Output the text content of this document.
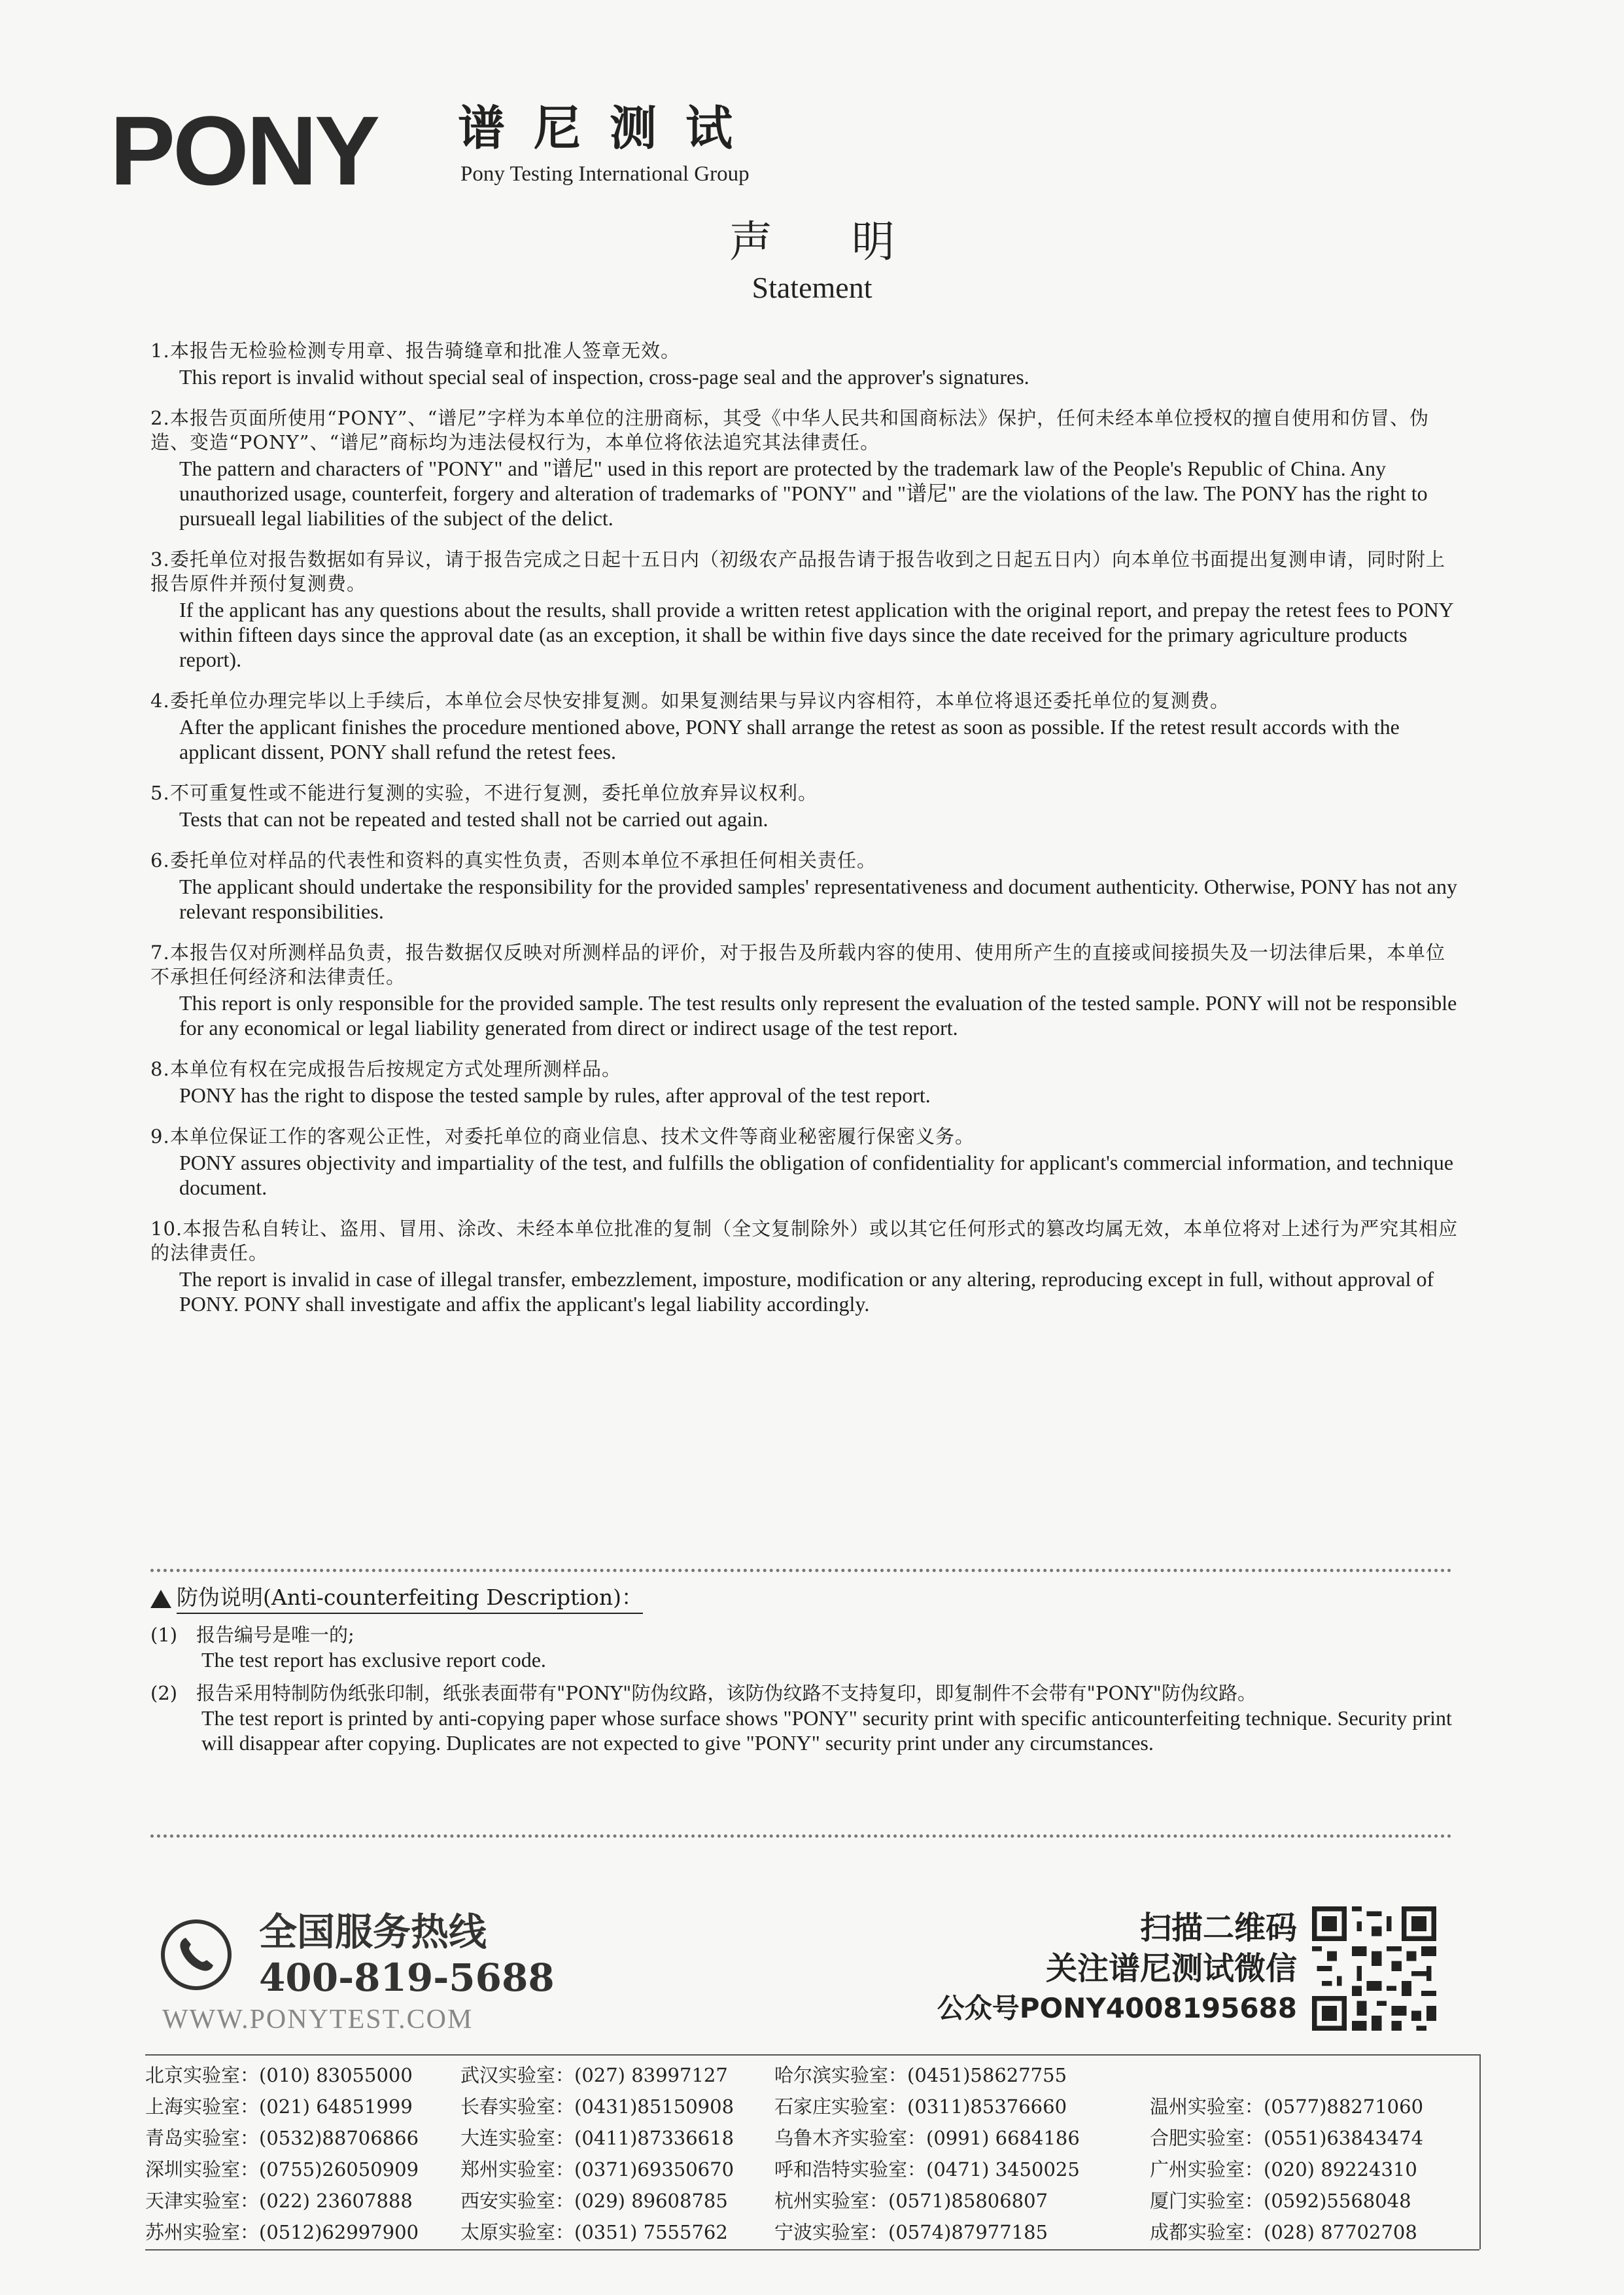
PONY 谱尼测试
Pony Testing International Group
声 明
Statement
1.本报告无检验检测专用章、报告骑缝章和批准人签章无效。
This report is invalid without special seal of inspection, cross-page seal and the approver's signatures.
2.本报告页面所使用“PONY”、“谱尼”字样为本单位的注册商标，其受《中华人民共和国商标法》保护，任何未经本单位授权的擅自使用和仿冒、伪造、变造“PONY”、“谱尼”商标均为违法侵权行为，本单位将依法追究其法律责任。
The pattern and characters of "PONY" and "谱尼" used in this report are protected by the trademark law of the People's Republic of China. Any unauthorized usage, counterfeit, forgery and alteration of trademarks of "PONY" and "谱尼" are the violations of the law. The PONY has the right to pursueall legal liabilities of the subject of the delict.
3.委托单位对报告数据如有异议，请于报告完成之日起十五日内（初级农产品报告请于报告收到之日起五日内）向本单位书面提出复测申请，同时附上报告原件并预付复测费。
If the applicant has any questions about the results, shall provide a written retest application with the original report, and prepay the retest fees to PONY within fifteen days since the approval date (as an exception, it shall be within five days since the date received for the primary agriculture products report).
4.委托单位办理完毕以上手续后，本单位会尽快安排复测。如果复测结果与异议内容相符，本单位将退还委托单位的复测费。
After the applicant finishes the procedure mentioned above, PONY shall arrange the retest as soon as possible. If the retest result accords with the applicant dissent, PONY shall refund the retest fees.
5.不可重复性或不能进行复测的实验，不进行复测，委托单位放弃异议权利。
Tests that can not be repeated and tested shall not be carried out again.
6.委托单位对样品的代表性和资料的真实性负责，否则本单位不承担任何相关责任。
The applicant should undertake the responsibility for the provided samples' representativeness and document authenticity. Otherwise, PONY has not any relevant responsibilities.
7.本报告仅对所测样品负责，报告数据仅反映对所测样品的评价，对于报告及所载内容的使用、使用所产生的直接或间接损失及一切法律后果，本单位不承担任何经济和法律责任。
This report is only responsible for the provided sample. The test results only represent the evaluation of the tested sample. PONY will not be responsible for any economical or legal liability generated from direct or indirect usage of the test report.
8.本单位有权在完成报告后按规定方式处理所测样品。
PONY has the right to dispose the tested sample by rules, after approval of the test report.
9.本单位保证工作的客观公正性，对委托单位的商业信息、技术文件等商业秘密履行保密义务。
PONY assures objectivity and impartiality of the test, and fulfills the obligation of confidentiality for applicant's commercial information, and technique document.
10.本报告私自转让、盗用、冒用、涂改、未经本单位批准的复制（全文复制除外）或以其它任何形式的篡改均属无效，本单位将对上述行为严究其相应的法律责任。
The report is invalid in case of illegal transfer, embezzlement, imposture, modification or any altering, reproducing except in full, without approval of PONY. PONY shall investigate and affix the applicant's legal liability accordingly.
防伪说明(Anti-counterfeiting Description)：
(1) 报告编号是唯一的;
The test report has exclusive report code.
(2) 报告采用特制防伪纸张印制，纸张表面带有"PONY"防伪纹路，该防伪纹路不支持复印，即复制件不会带有"PONY"防伪纹路。
The test report is printed by anti-copying paper whose surface shows "PONY" security print with specific anticounterfeiting technique. Security print will disappear after copying. Duplicates are not expected to give "PONY" security print under any circumstances.
全国服务热线
400-819-5688
WWW.PONYTEST.COM
扫描二维码
关注谱尼测试微信
公众号PONY4008195688
北京实验室：(010) 83055000
上海实验室：(021) 64851999
青岛实验室：(0532)88706866
深圳实验室：(0755)26050909
天津实验室：(022) 23607888
苏州实验室：(0512)62997900
武汉实验室：(027) 83997127
长春实验室：(0431)85150908
大连实验室：(0411)87336618
郑州实验室：(0371)69350670
西安实验室：(029) 89608785
太原实验室：(0351) 7555762
哈尔滨实验室：(0451)58627755
石家庄实验室：(0311)85376660
乌鲁木齐实验室：(0991) 6684186
呼和浩特实验室：(0471) 3450025
杭州实验室：(0571)85806807
宁波实验室：(0574)87977185
温州实验室：(0577)88271060
合肥实验室：(0551)63843474
广州实验室：(020) 89224310
厦门实验室：(0592)5568048
成都实验室：(028) 87702708
